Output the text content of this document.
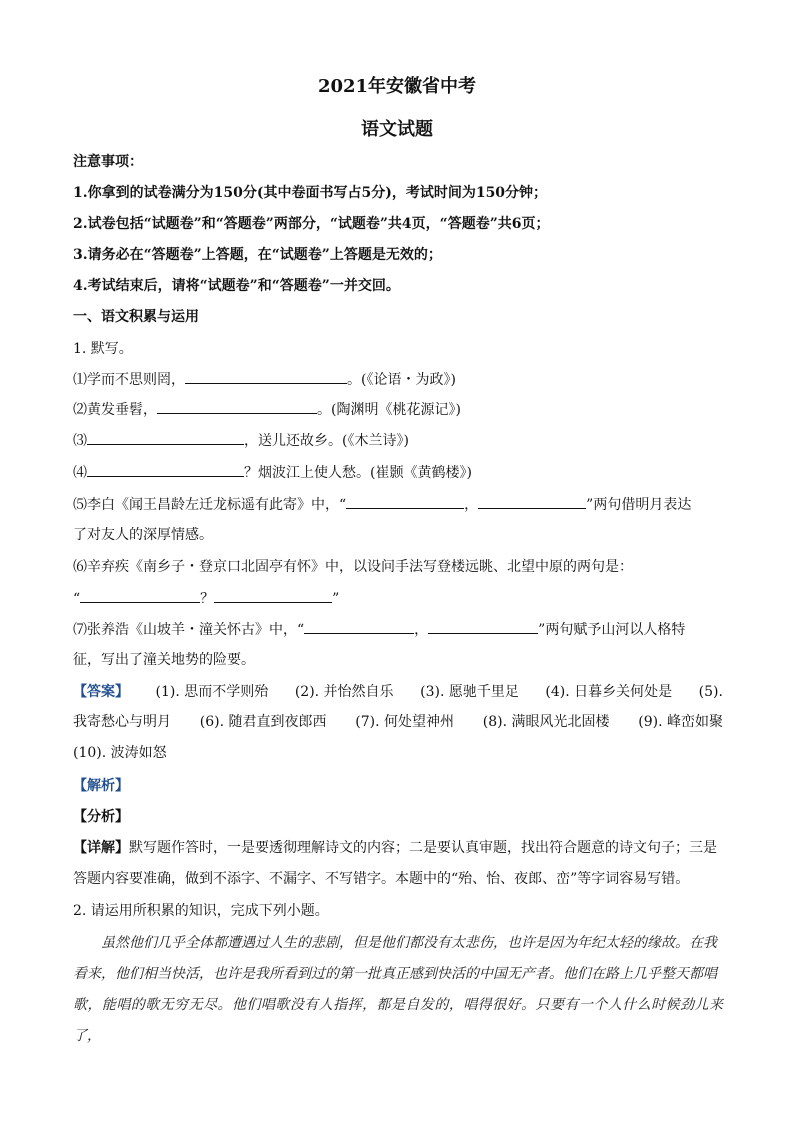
2021年安徽省中考
语文试题
注意事项：
1.你拿到的试卷满分为150分(其中卷面书写占5分)，考试时间为150分钟；
2.试卷包括“试题卷”和“答题卷”两部分，“试题卷”共4页，“答题卷”共6页；
3.请务必在“答题卷”上答题，在“试题卷”上答题是无效的；
4.考试结束后，请将“试题卷”和“答题卷”一并交回。
一、语文积累与运用
1. 默写。
⑴学而不思则罔，	。(《论语・为政》)
⑵黄发垂髫，	。(陶渊明《桃花源记》)
⑶	，送儿还故乡。(《木兰诗》)
⑷	？烟波江上使人愁。(崔颢《黄鹤楼》)
⑸李白《闻王昌龄左迁龙标遥有此寄》中，“	，	”两句借明月表达
了对友人的深厚情感。
⑹辛弃疾《南乡子・登京口北固亭有怀》中，以设问手法写登楼远眺、北望中原的两句是：
“	？	”
⑺张养浩《山坡羊・潼关怀古》中，“	，	”两句赋予山河以人格特
征，写出了潼关地势的险要。
【答案】 (1). 思而不学则殆 (2). 并怡然自乐 (3). 愿驰千里足 (4). 日暮乡关何处是 (5).
我寄愁心与明月 (6). 随君直到夜郎西 (7). 何处望神州 (8). 满眼风光北固楼 (9). 峰峦如聚
(10). 波涛如怒
【解析】
【分析】
【详解】默写题作答时，一是要透彻理解诗文的内容；二是要认真审题，找出符合题意的诗文句子；三是
答题内容要准确，做到不添字、不漏字、不写错字。本题中的“殆、怡、夜郎、峦”等字词容易写错。
2. 请运用所积累的知识，完成下列小题。

虽然他们几乎全体都遭遇过人生的悲剧，但是他们都没有太悲伤，也许是因为年纪太轻的缘故。在我

看来，他们相当快活，也许是我所看到过的第一批真正感到快活的中国无产者。他们在路上几乎整天都唱

歌，能唱的歌无穷无尽。他们唱歌没有人指挥，都是自发的，唱得很好。只要有一个人什么时候劲儿来了，
